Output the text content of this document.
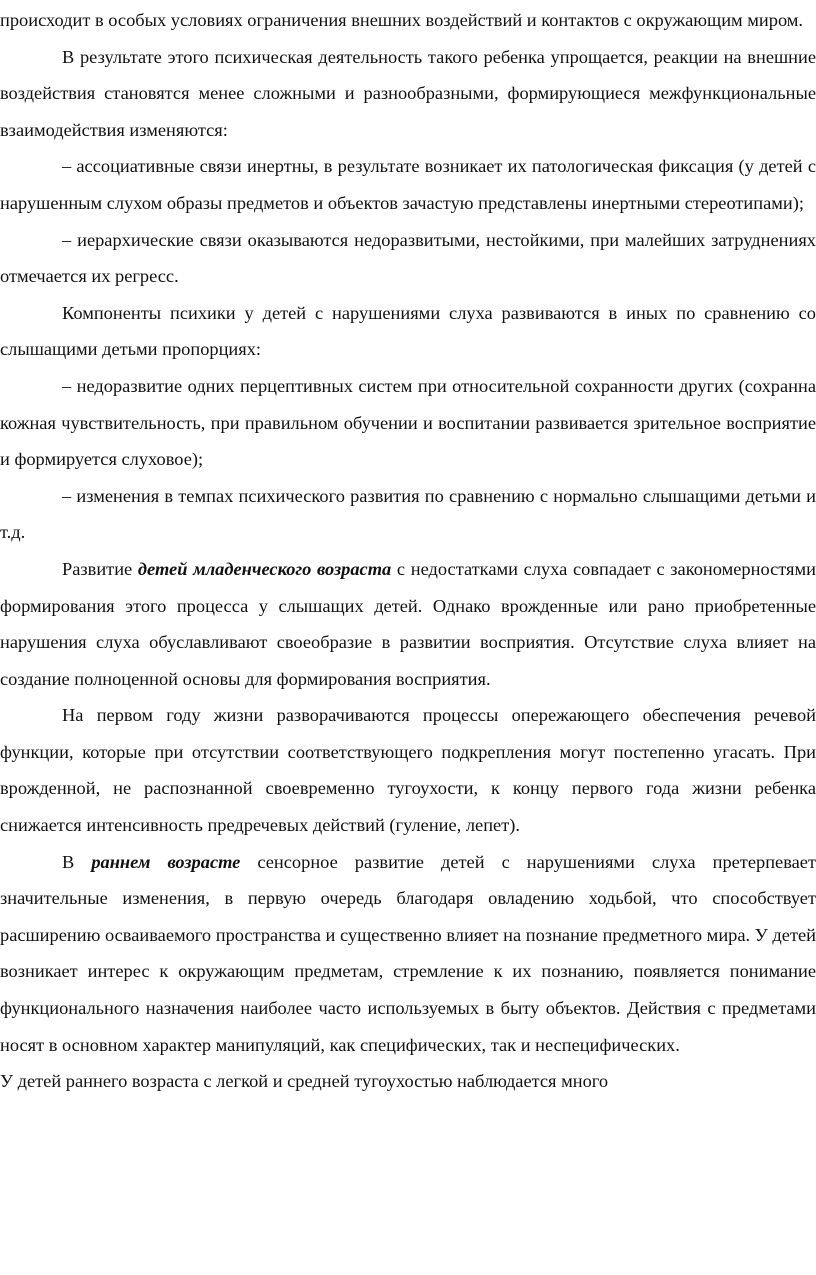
происходит в особых условиях ограничения внешних воздействий и контактов с окружающим миром.

В результате этого психическая деятельность такого ребенка упрощается, реакции на внешние воздействия становятся менее сложными и разнообразными, формирующиеся межфункциональные взаимодействия изменяются:

– ассоциативные связи инертны, в результате возникает их патологическая фиксация (у детей с нарушенным слухом образы предметов и объектов зачастую представлены инертными стереотипами);

– иерархические связи оказываются недоразвитыми, нестойкими, при малейших затруднениях отмечается их регресс.

Компоненты психики у детей с нарушениями слуха развиваются в иных по сравнению со слышащими детьми пропорциях:

– недоразвитие одних перцептивных систем при относительной сохранности других (сохранна кожная чувствительность, при правильном обучении и воспитании развивается зрительное восприятие и формируется слуховое);

– изменения в темпах психического развития по сравнению с нормально слышащими детьми и т.д.

Развитие детей младенческого возраста с недостатками слуха совпадает с закономерностями формирования этого процесса у слышащих детей. Однако врожденные или рано приобретенные нарушения слуха обуславливают своеобразие в развитии восприятия. Отсутствие слуха влияет на создание полноценной основы для формирования восприятия.

На первом году жизни разворачиваются процессы опережающего обеспечения речевой функции, которые при отсутствии соответствующего подкрепления могут постепенно угасать. При врожденной, не распознанной своевременно тугоухости, к концу первого года жизни ребенка снижается интенсивность предречевых действий (гуление, лепет).

В раннем возрасте сенсорное развитие детей с нарушениями слуха претерпевает значительные изменения, в первую очередь благодаря овладению ходьбой, что способствует расширению осваиваемого пространства и существенно влияет на познание предметного мира. У детей возникает интерес к окружающим предметам, стремление к их познанию, появляется понимание функционального назначения наиболее часто используемых в быту объектов. Действия с предметами носят в основном характер манипуляций, как специфических, так и неспецифических.

У детей раннего возраста с легкой и средней тугоухостью наблюдается много
